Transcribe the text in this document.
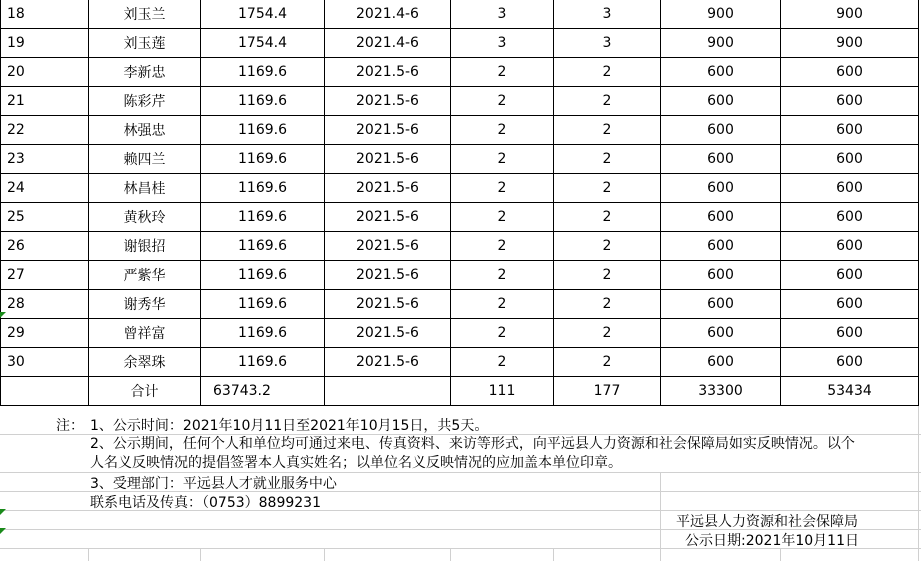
18	刘玉兰	1754.4	2021.4-6	3	3	900	900
19	刘玉莲	1754.4	2021.4-6	3	3	900	900
20	李新忠	1169.6	2021.5-6	2	2	600	600
21	陈彩芹	1169.6	2021.5-6	2	2	600	600
22	林强忠	1169.6	2021.5-6	2	2	600	600
23	赖四兰	1169.6	2021.5-6	2	2	600	600
24	林昌桂	1169.6	2021.5-6	2	2	600	600
25	黄秋玲	1169.6	2021.5-6	2	2	600	600
26	谢银招	1169.6	2021.5-6	2	2	600	600
27	严紫华	1169.6	2021.5-6	2	2	600	600
28	谢秀华	1169.6	2021.5-6	2	2	600	600
29	曾祥富	1169.6	2021.5-6	2	2	600	600
30	余翠珠	1169.6	2021.5-6	2	2	600	600
	合计	63743.2		111	177	33300	53434
注： 1、公示时间：2021年10月11日至2021年10月15日，共5天。
2、公示期间，任何个人和单位均可通过来电、传真资料、来访等形式，向平远县人力资源和社会保障局如实反映情况。以个
人名义反映情况的提倡签署本人真实姓名；以单位名义反映情况的应加盖本单位印章。
3、受理部门：平远县人才就业服务中心
联系电话及传真：（0753）8899231
平远县人力资源和社会保障局
公示日期:2021年10月11日
